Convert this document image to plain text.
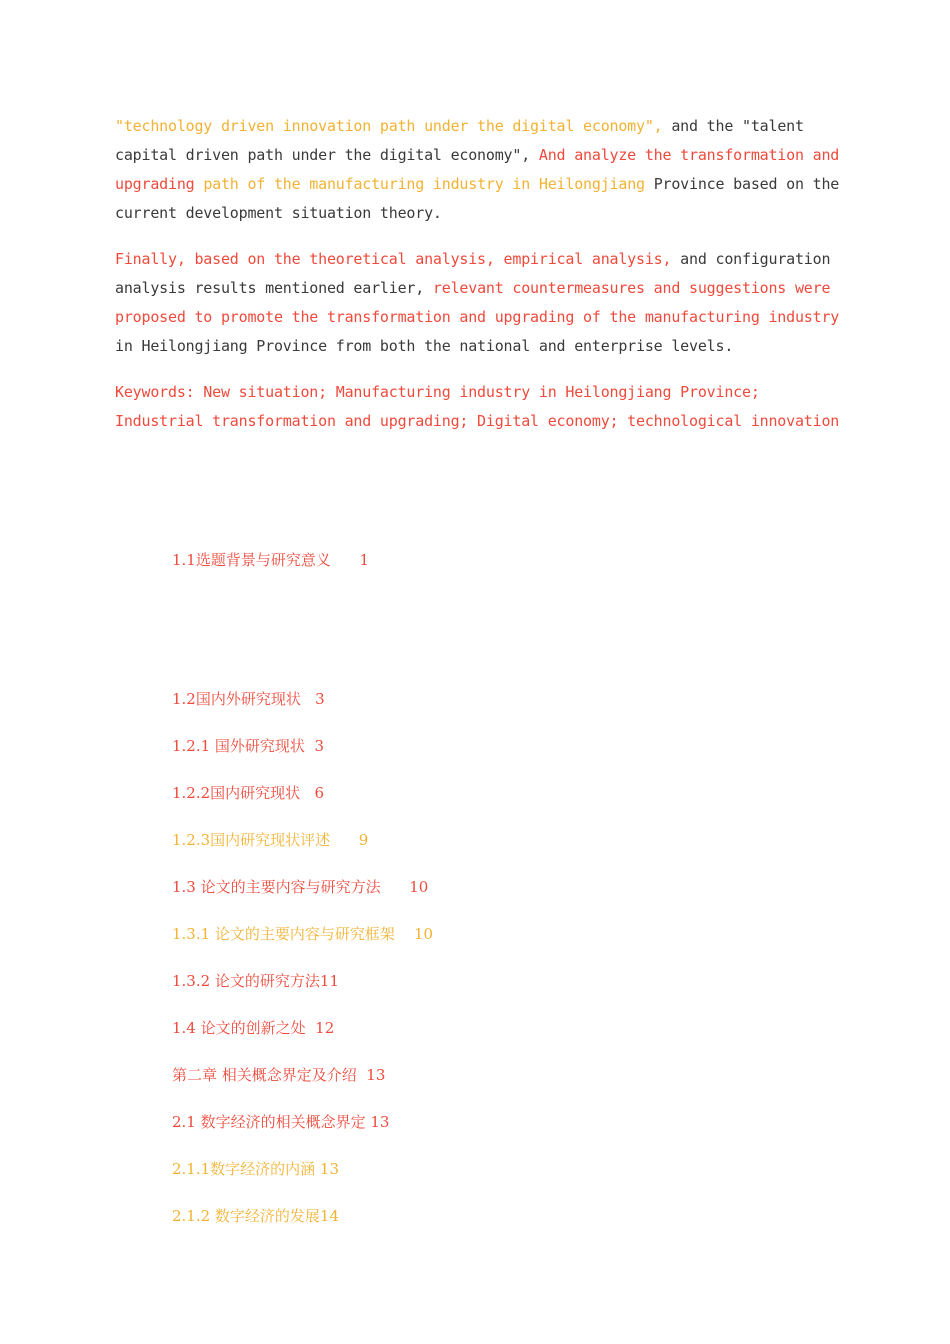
"technology driven innovation path under the digital economy", and the "talent capital driven path under the digital economy", And analyze the transformation and upgrading path of the manufacturing industry in Heilongjiang Province based on the current development situation theory.

Finally, based on the theoretical analysis, empirical analysis, and configuration analysis results mentioned earlier, relevant countermeasures and suggestions were proposed to promote the transformation and upgrading of the manufacturing industry in Heilongjiang Province from both the national and enterprise levels.

Keywords: New situation; Manufacturing industry in Heilongjiang Province; Industrial transformation and upgrading; Digital economy; technological innovation

1.1选题背景与研究意义      1
1.2国内外研究现状   3
1.2.1 国外研究现状  3
1.2.2国内研究现状   6
1.2.3国内研究现状评述      9
1.3 论文的主要内容与研究方法      10
1.3.1 论文的主要内容与研究框架    10
1.3.2 论文的研究方法11
1.4 论文的创新之处  12
第二章 相关概念界定及介绍  13
2.1 数字经济的相关概念界定 13
2.1.1数字经济的内涵 13
2.1.2 数字经济的发展14
